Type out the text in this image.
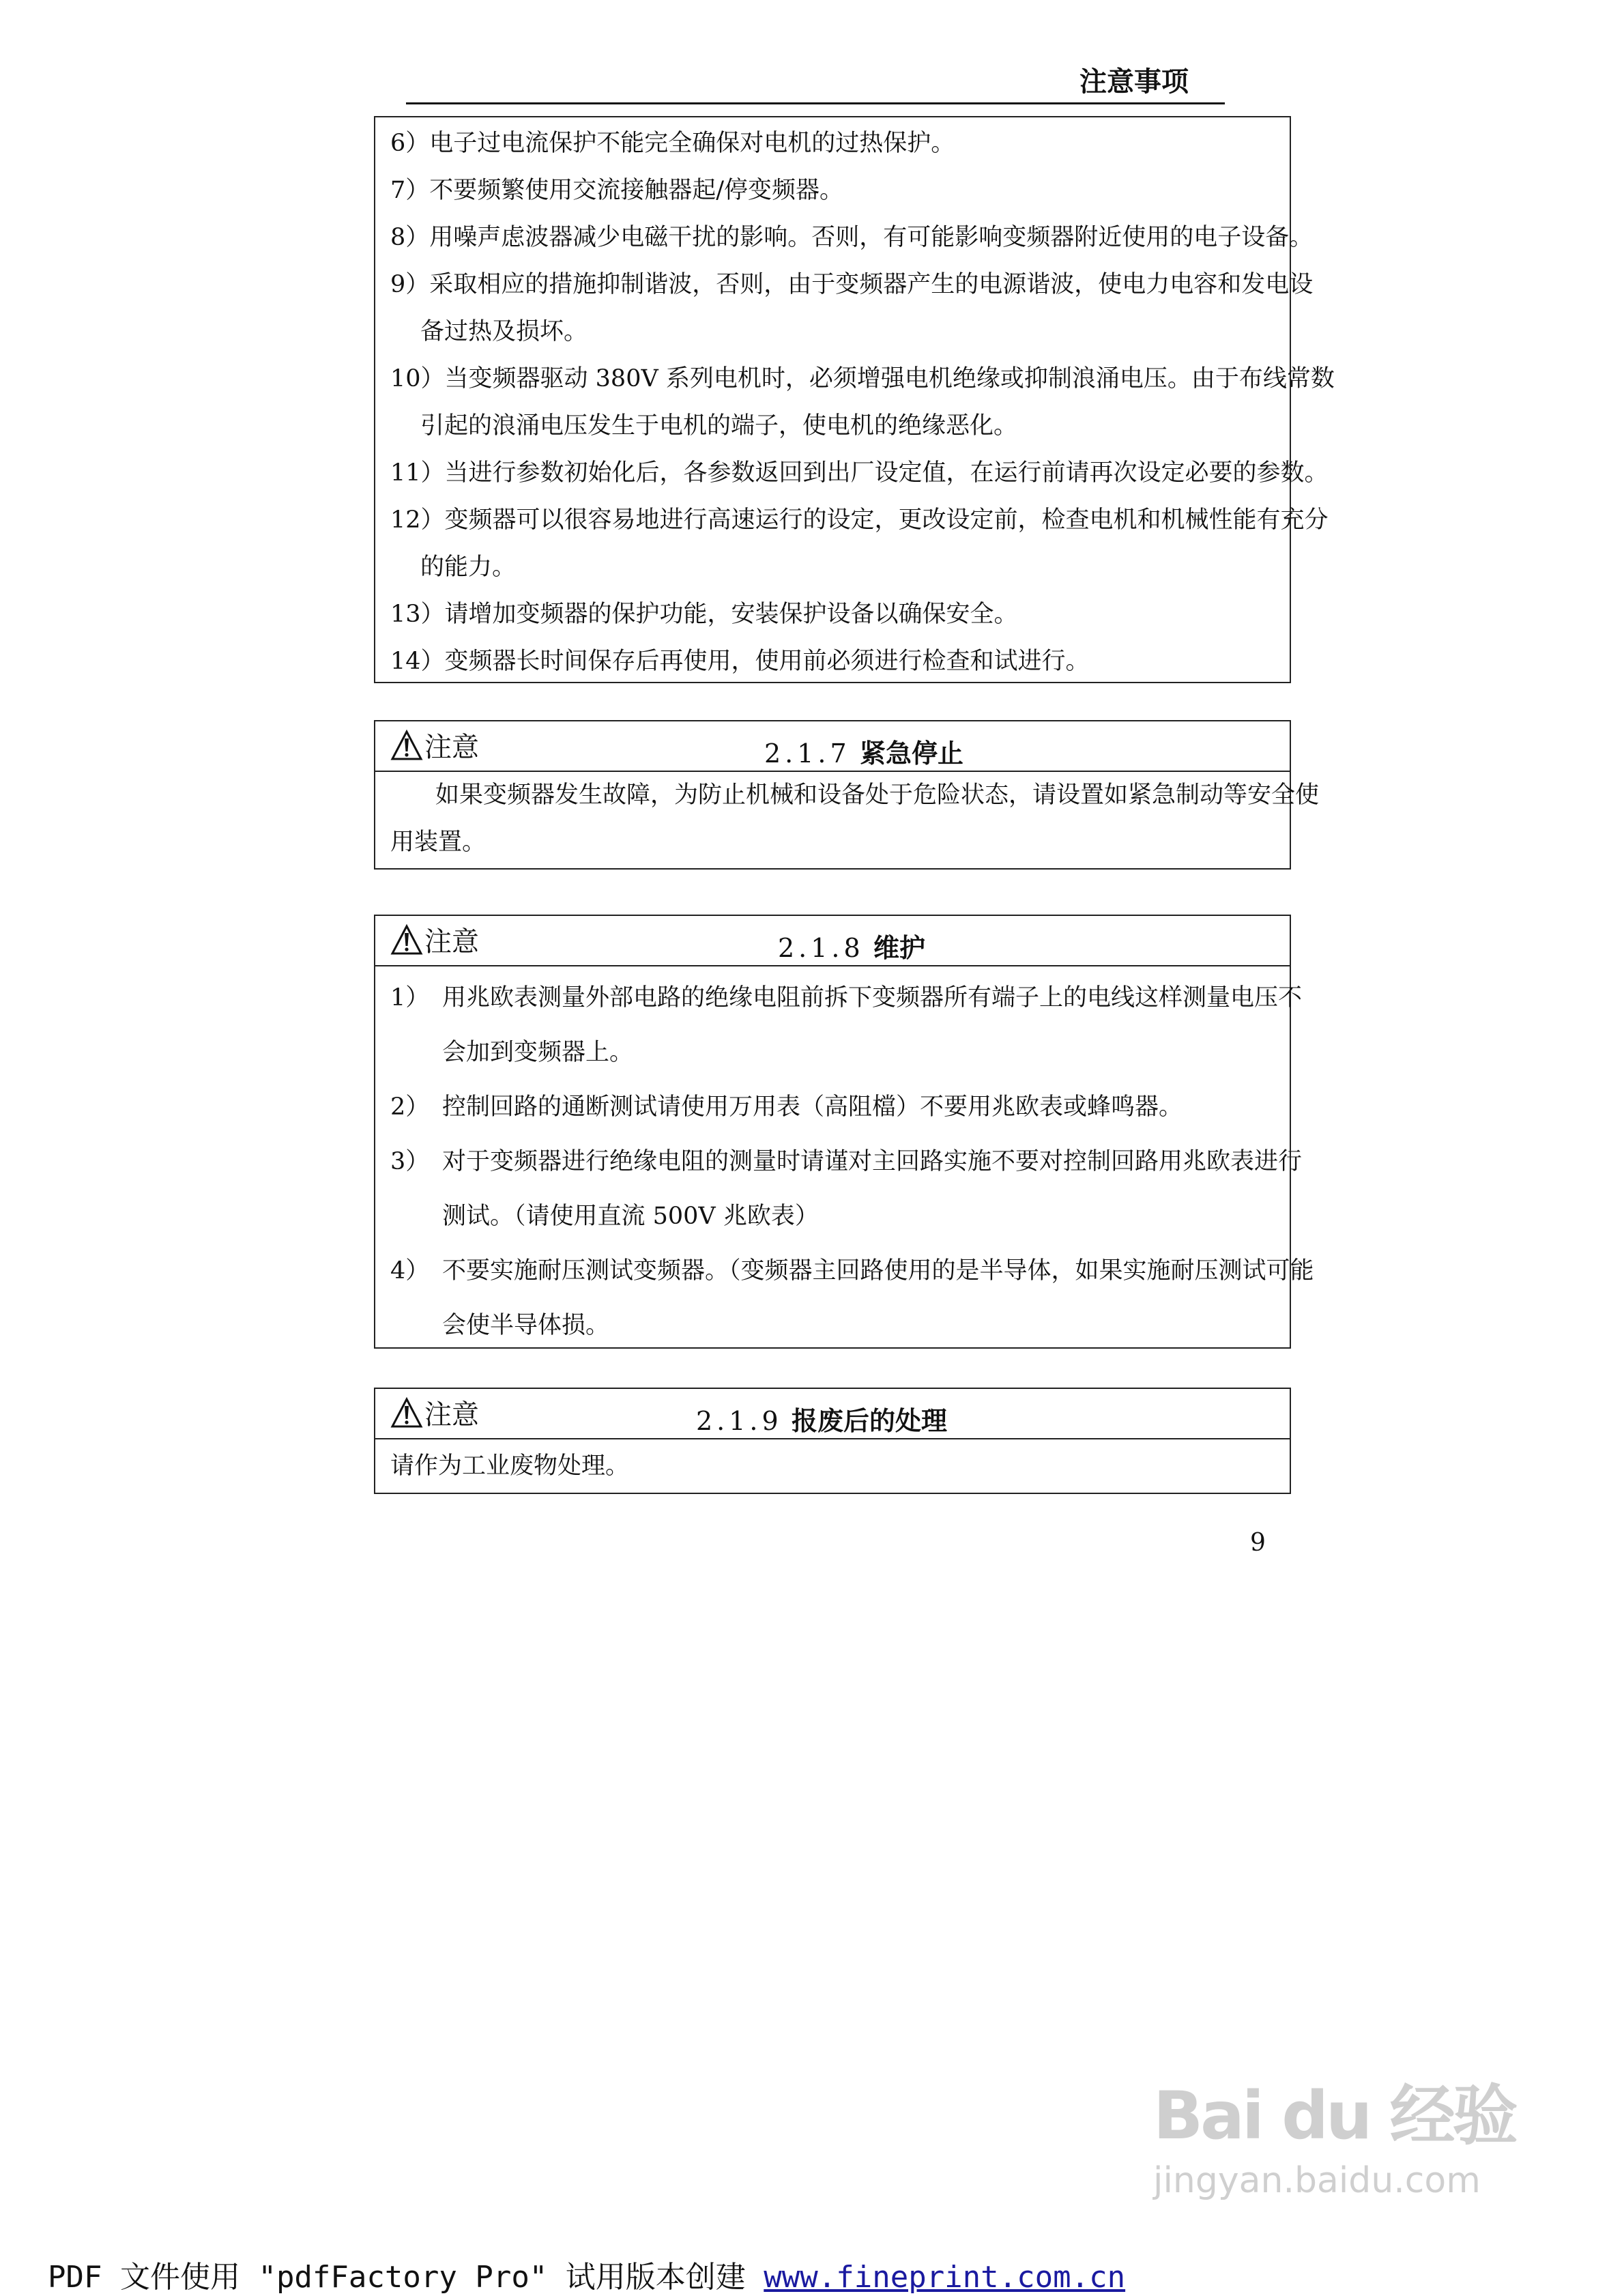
注意事项
6）电子过电流保护不能完全确保对电机的过热保护。
7）不要频繁使用交流接触器起/停变频器。
8）用噪声虑波器减少电磁干扰的影响。否则，有可能影响变频器附近使用的电子设备。
9）采取相应的措施抑制谐波，否则，由于变频器产生的电源谐波，使电力电容和发电设
备过热及损坏。
10）当变频器驱动 380V 系列电机时，必须增强电机绝缘或抑制浪涌电压。由于布线常数
引起的浪涌电压发生于电机的端子，使电机的绝缘恶化。
11）当进行参数初始化后，各参数返回到出厂设定值，在运行前请再次设定必要的参数。
12）变频器可以很容易地进行高速运行的设定，更改设定前，检查电机和机械性能有充分
的能力。
13）请增加变频器的保护功能，安装保护设备以确保安全。
14）变频器长时间保存后再使用，使用前必须进行检查和试进行。
注意	2.1.7 紧急停止
如果变频器发生故障，为防止机械和设备处于危险状态，请设置如紧急制动等安全使
用装置。
注意	2.1.8 维护
1） 用兆欧表测量外部电路的绝缘电阻前拆下变频器所有端子上的电线这样测量电压不
会加到变频器上。
2） 控制回路的通断测试请使用万用表（高阻檔）不要用兆欧表或蜂鸣器。
3） 对于变频器进行绝缘电阻的测量时请谨对主回路实施不要对控制回路用兆欧表进行
测试。（请使用直流 500V 兆欧表）
4） 不要实施耐压测试变频器。（变频器主回路使用的是半导体，如果实施耐压测试可能
会使半导体损。
注意	2.1.9 报废后的处理
请作为工业废物处理。
9
Bai du 经验
jingyan.baidu.com
PDF 文件使用 "pdfFactory Pro" 试用版本创建 www.fineprint.com.cn
